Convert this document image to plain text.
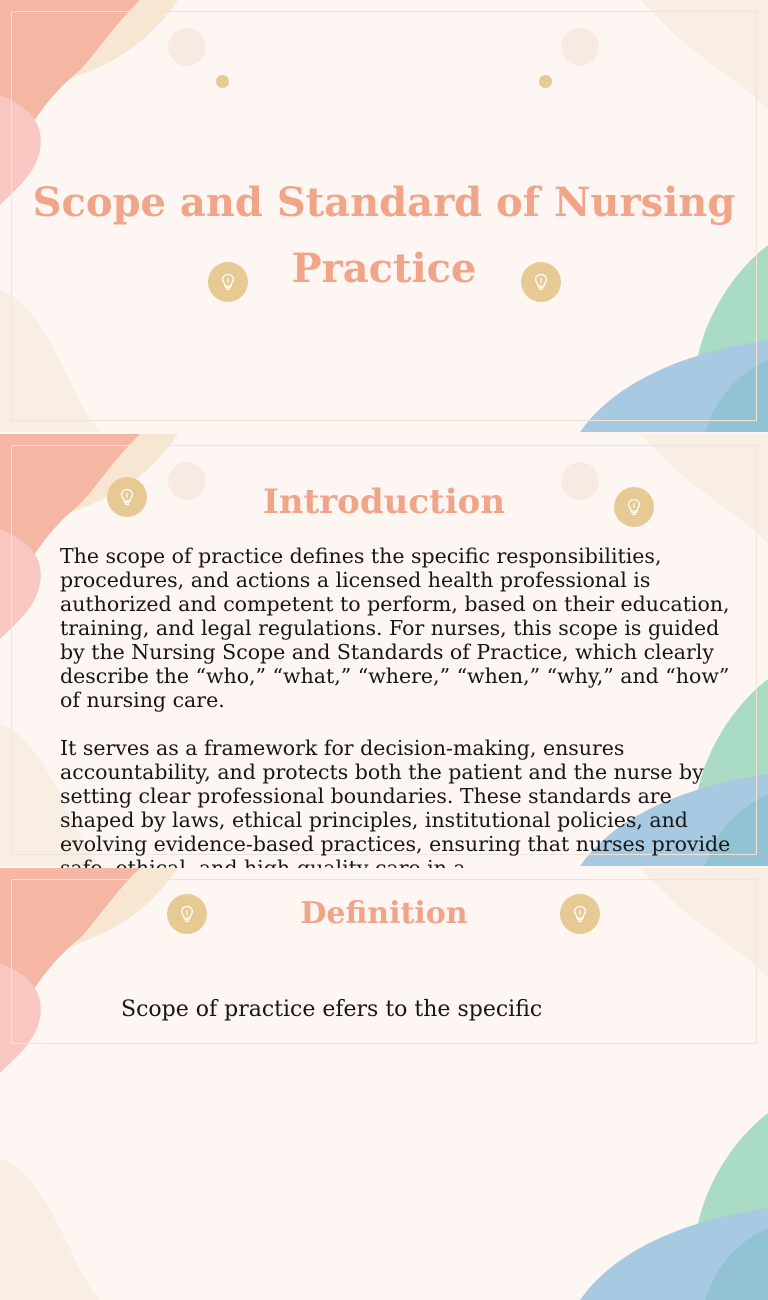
Scope and Standard of Nursing Practice
Introduction

The scope of practice defines the specific responsibilities, procedures, and actions a licensed health professional is authorized and competent to perform, based on their education, training, and legal regulations. For nurses, this scope is guided by the Nursing Scope and Standards of Practice, which clearly describe the “who,” “what,” “where,” “when,” “why,” and “how” of nursing care.

It serves as a framework for decision-making, ensures accountability, and protects both the patient and the nurse by setting clear professional boundaries. These standards are shaped by laws, ethical principles, institutional policies, and evolving evidence-based practices, ensuring that nurses provide

Definition

Scope of practice efers to the specific
